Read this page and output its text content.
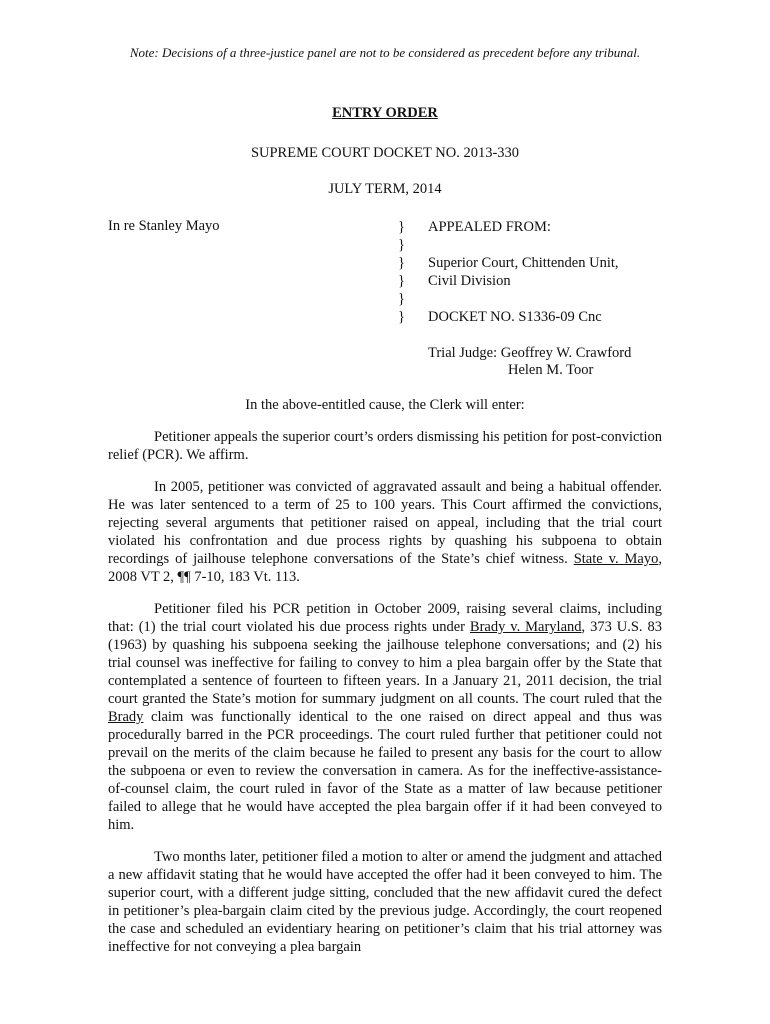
Note: Decisions of a three-justice panel are not to be considered as precedent before any tribunal.
ENTRY ORDER
SUPREME COURT DOCKET NO. 2013-330
JULY TERM, 2014
In re Stanley Mayo	}
}
}
}
}
}
APPEALED FROM:
Superior Court, Chittenden Unit,
Civil Division
DOCKET NO. S1336-09 Cnc
Trial Judge: Geoffrey W. Crawford
Helen M. Toor
In the above-entitled cause, the Clerk will enter:

Petitioner appeals the superior court’s orders dismissing his petition for post-conviction relief (PCR). We affirm.

In 2005, petitioner was convicted of aggravated assault and being a habitual offender. He was later sentenced to a term of 25 to 100 years. This Court affirmed the convictions, rejecting several arguments that petitioner raised on appeal, including that the trial court violated his confrontation and due process rights by quashing his subpoena to obtain recordings of jailhouse telephone conversations of the State’s chief witness. State v. Mayo, 2008 VT 2, ¶¶ 7-10, 183 Vt. 113.

Petitioner filed his PCR petition in October 2009, raising several claims, including that: (1) the trial court violated his due process rights under Brady v. Maryland, 373 U.S. 83 (1963) by quashing his subpoena seeking the jailhouse telephone conversations; and (2) his trial counsel was ineffective for failing to convey to him a plea bargain offer by the State that contemplated a sentence of fourteen to fifteen years. In a January 21, 2011 decision, the trial court granted the State’s motion for summary judgment on all counts. The court ruled that the Brady claim was functionally identical to the one raised on direct appeal and thus was procedurally barred in the PCR proceedings. The court ruled further that petitioner could not prevail on the merits of the claim because he failed to present any basis for the court to allow the subpoena or even to review the conversation in camera. As for the ineffective-assistance-of-counsel claim, the court ruled in favor of the State as a matter of law because petitioner failed to allege that he would have accepted the plea bargain offer if it had been conveyed to him.

Two months later, petitioner filed a motion to alter or amend the judgment and attached a new affidavit stating that he would have accepted the offer had it been conveyed to him. The superior court, with a different judge sitting, concluded that the new affidavit cured the defect in petitioner’s plea-bargain claim cited by the previous judge. Accordingly, the court reopened the case and scheduled an evidentiary hearing on petitioner’s claim that his trial attorney was ineffective for not conveying a plea bargain
